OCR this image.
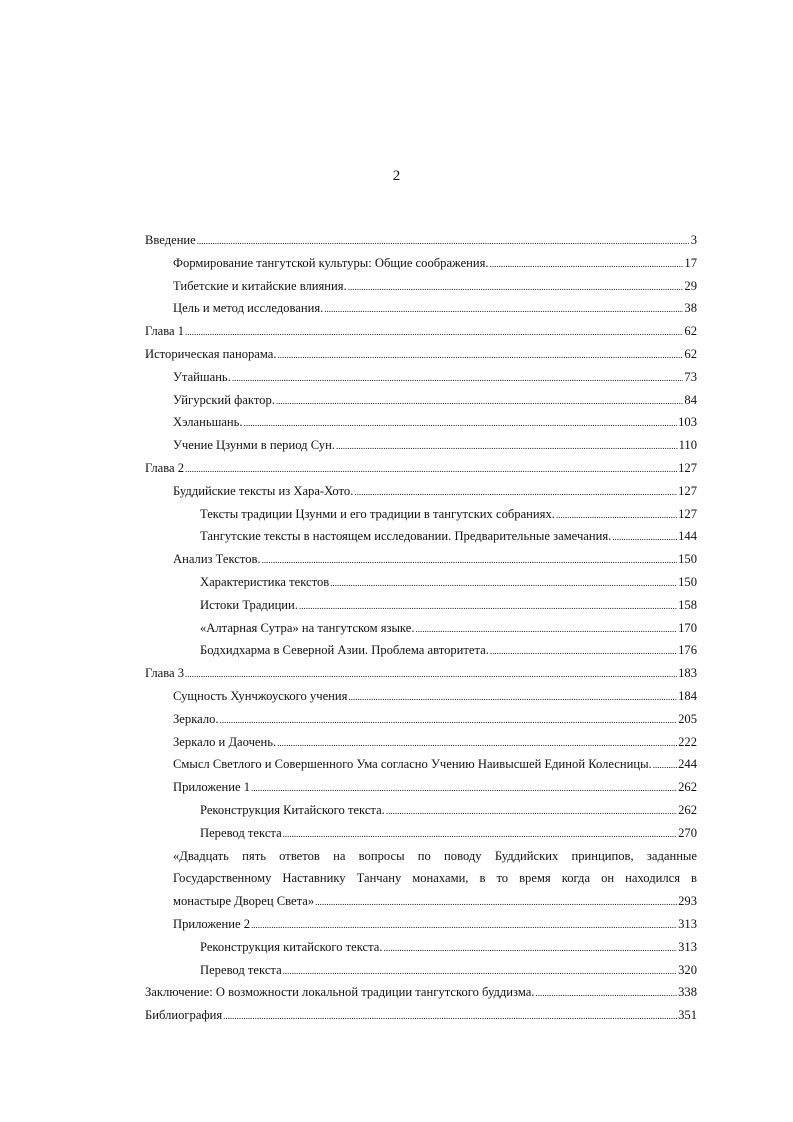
2
Введение .....	3
Формирование тангутской культуры: Общие соображения. .....	17
Тибетские и китайские влияния. .....	29
Цель и метод исследования. .....	38
Глава 1 .....	62
Историческая панорама. .....	62
Утайшань. .....	73
Уйгурский фактор. .....	84
Хэланьшань. .....	103
Учение Цзунми в период Сун. .....	110
Глава 2 .....	127
Буддийские тексты из Хара-Хото. .....	127
Тексты традиции Цзунми и его традиции в тангутских собраниях. .....	127
Тангутские тексты в настоящем исследовании. Предварительные замечания. .....	144
Анализ Текстов. .....	150
Характеристика текстов .....	150
Истоки Традиции. .....	158
«Алтарная Сутра» на тангутском языке. .....	170
Бодхидхарма в Северной Азии. Проблема авторитета. .....	176
Глава 3 .....	183
Сущность Хунчжоуского учения .....	184
Зеркало. .....	205
Зеркало и Даочень. .....	222
Смысл Светлого и Совершенного Ума согласно Учению Наивысшей Единой Колесницы. ..... 244
Приложение 1 .....	262
Реконструкция Китайского текста. .....	262
Перевод текста .....	270
«Двадцать пять ответов на вопросы по поводу Буддийских принципов, заданные
Государственному Наставнику Танчану монахами, в то время когда он находился в
монастыре Дворец Света» .....	293
Приложение 2 .....	313
Реконструкция китайского текста. .....	313
Перевод текста .....	320
Заключение: О возможности локальной традиции тангутского буддизма. .....	338
Библиография .....	351
